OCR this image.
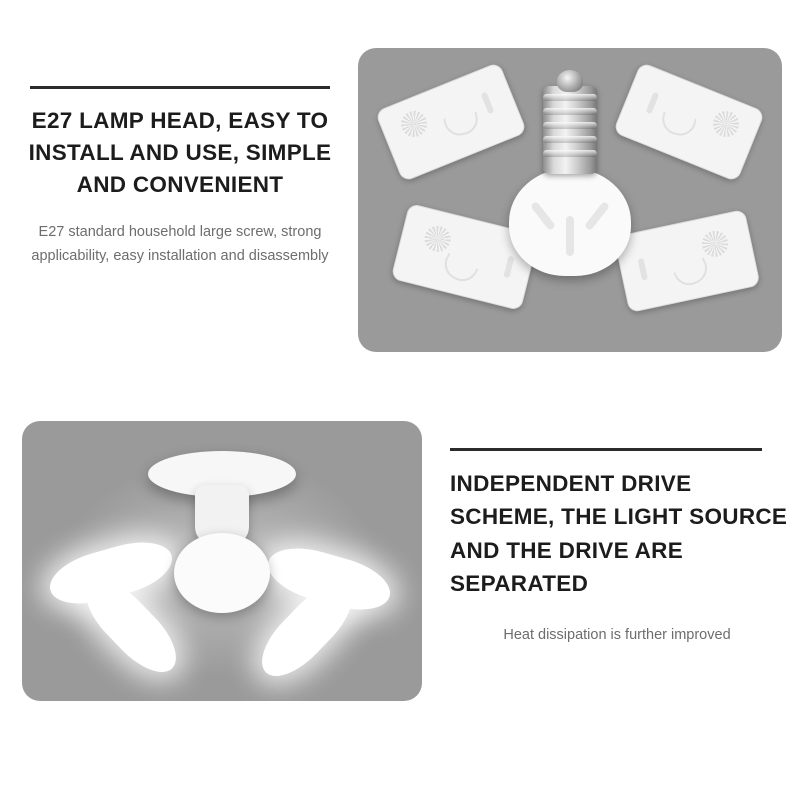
E27 LAMP HEAD, EASY TO INSTALL AND USE, SIMPLE AND CONVENIENT
E27 standard household large screw, strong applicability, easy installation and disassembly
INDEPENDENT DRIVE SCHEME, THE LIGHT SOURCE AND THE DRIVE ARE SEPARATED
Heat dissipation is further improved
